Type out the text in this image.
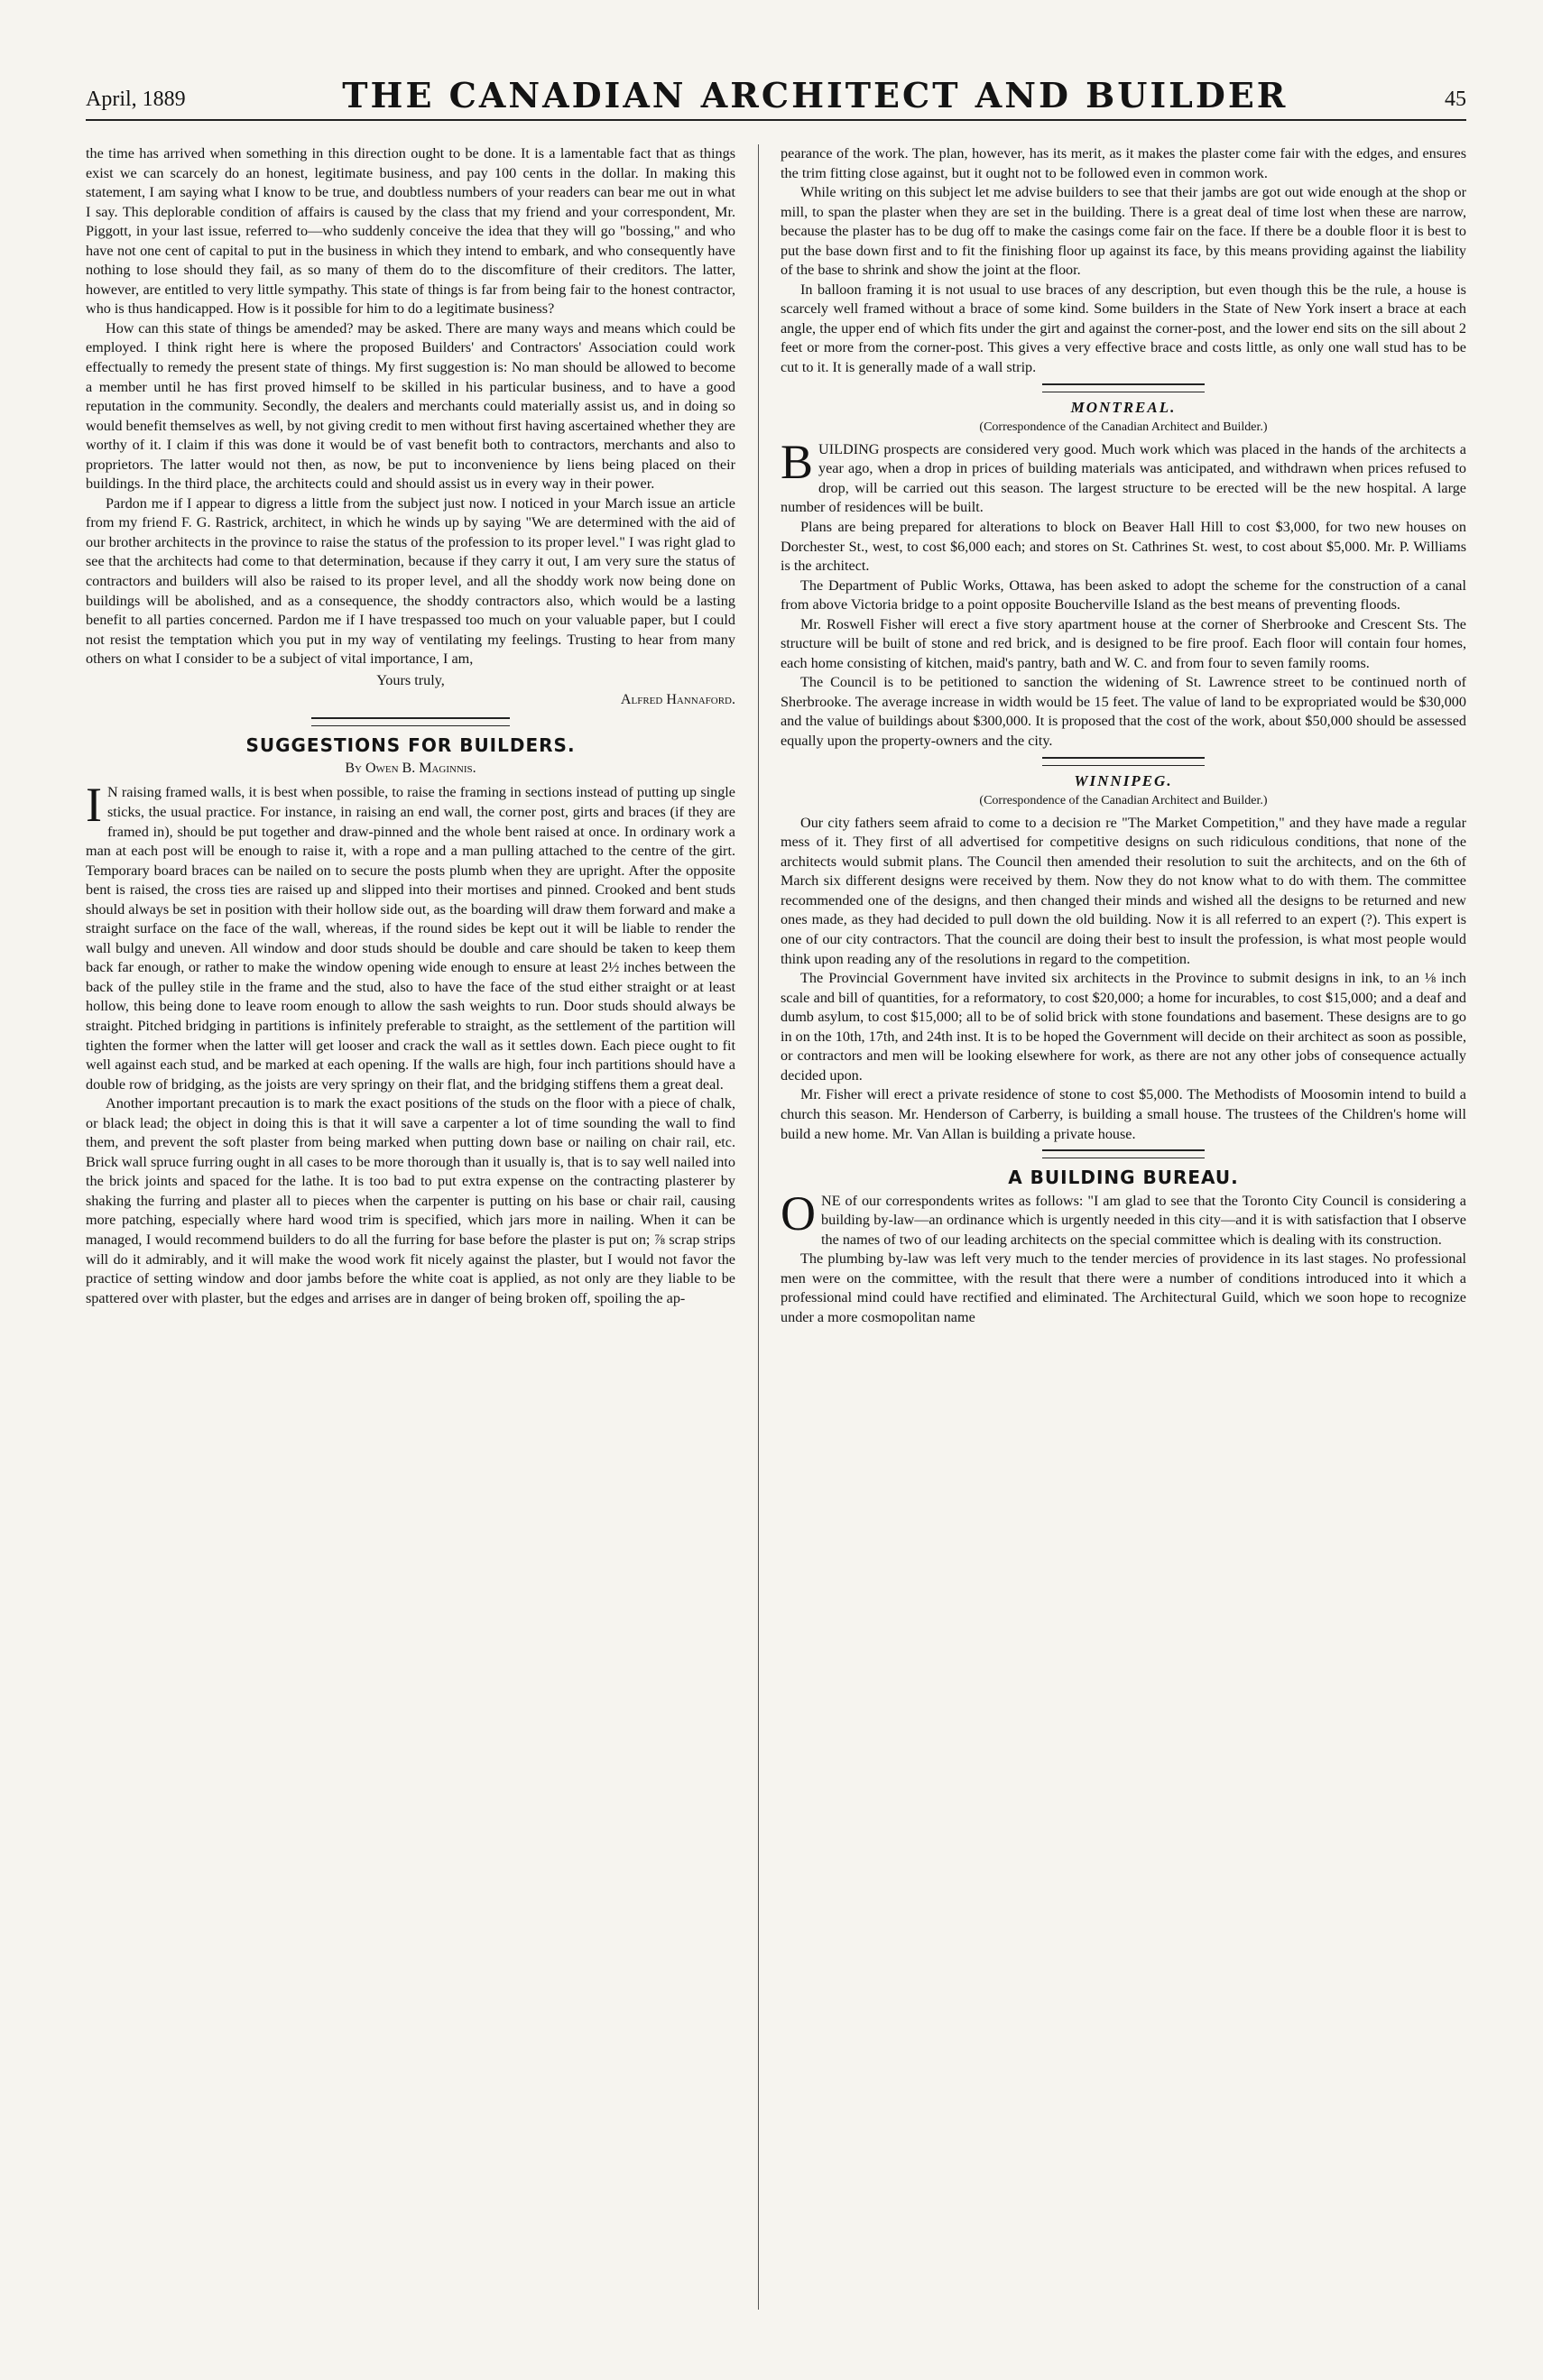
April, 1889	THE CANADIAN ARCHITECT AND BUILDER	45

the time has arrived when something in this direction ought to be done. It is a lamentable fact that as things exist we can scarcely do an honest, legitimate business, and pay 100 cents in the dollar. In making this statement, I am saying what I know to be true, and doubtless numbers of your readers can bear me out in what I say. This deplorable condition of affairs is caused by the class that my friend and your correspondent, Mr. Piggott, in your last issue, referred to—who suddenly conceive the idea that they will go "bossing," and who have not one cent of capital to put in the business in which they intend to embark, and who consequently have nothing to lose should they fail, as so many of them do to the discomfiture of their creditors. The latter, however, are entitled to very little sympathy. This state of things is far from being fair to the honest contractor, who is thus handicapped. How is it possible for him to do a legitimate business?

How can this state of things be amended? may be asked. There are many ways and means which could be employed. I think right here is where the proposed Builders' and Contractors' Association could work effectually to remedy the present state of things. My first suggestion is: No man should be allowed to become a member until he has first proved himself to be skilled in his particular business, and to have a good reputation in the community. Secondly, the dealers and merchants could materially assist us, and in doing so would benefit themselves as well, by not giving credit to men without first having ascertained whether they are worthy of it. I claim if this was done it would be of vast benefit both to contractors, merchants and also to proprietors. The latter would not then, as now, be put to inconvenience by liens being placed on their buildings. In the third place, the architects could and should assist us in every way in their power.

Pardon me if I appear to digress a little from the subject just now. I noticed in your March issue an article from my friend F. G. Rastrick, architect, in which he winds up by saying "We are determined with the aid of our brother architects in the province to raise the status of the profession to its proper level." I was right glad to see that the architects had come to that determination, because if they carry it out, I am very sure the status of contractors and builders will also be raised to its proper level, and all the shoddy work now being done on buildings will be abolished, and as a consequence, the shoddy contractors also, which would be a lasting benefit to all parties concerned. Pardon me if I have trespassed too much on your valuable paper, but I could not resist the temptation which you put in my way of ventilating my feelings. Trusting to hear from many others on what I consider to be a subject of vital importance, I am,

Yours truly,
Alfred Hannaford.
SUGGESTIONS FOR BUILDERS.
By Owen B. Maginnis.

I N raising framed walls, it is best when possible, to raise the framing in sections instead of putting up single sticks, the usual practice. For instance, in raising an end wall, the corner post, girts and braces (if they are framed in), should be put together and draw-pinned and the whole bent raised at once. In ordinary work a man at each post will be enough to raise it, with a rope and a man pulling attached to the centre of the girt. Temporary board braces can be nailed on to secure the posts plumb when they are upright. After the opposite bent is raised, the cross ties are raised up and slipped into their mortises and pinned. Crooked and bent studs should always be set in position with their hollow side out, as the boarding will draw them forward and make a straight surface on the face of the wall, whereas, if the round sides be kept out it will be liable to render the wall bulgy and uneven. All window and door studs should be double and care should be taken to keep them back far enough, or rather to make the window opening wide enough to ensure at least 2½ inches between the back of the pulley stile in the frame and the stud, also to have the face of the stud either straight or at least hollow, this being done to leave room enough to allow the sash weights to run. Door studs should always be straight. Pitched bridging in partitions is infinitely preferable to straight, as the settlement of the partition will tighten the former when the latter will get looser and crack the wall as it settles down. Each piece ought to fit well against each stud, and be marked at each opening. If the walls are high, four inch partitions should have a double row of bridging, as the joists are very springy on their flat, and the bridging stiffens them a great deal.

Another important precaution is to mark the exact positions of the studs on the floor with a piece of chalk, or black lead; the object in doing this is that it will save a carpenter a lot of time sounding the wall to find them, and prevent the soft plaster from being marked when putting down base or nailing on chair rail, etc. Brick wall spruce furring ought in all cases to be more thorough than it usually is, that is to say well nailed into the brick joints and spaced for the lathe. It is too bad to put extra expense on the contracting plasterer by shaking the furring and plaster all to pieces when the carpenter is putting on his base or chair rail, causing more patching, especially where hard wood trim is specified, which jars more in nailing. When it can be managed, I would recommend builders to do all the furring for base before the plaster is put on; ⅞ scrap strips will do it admirably, and it will make the wood work fit nicely against the plaster, but I would not favor the practice of setting window and door jambs before the white coat is applied, as not only are they liable to be spattered over with plaster, but the edges and arrises are in danger of being broken off, spoiling the ap-

pearance of the work. The plan, however, has its merit, as it makes the plaster come fair with the edges, and ensures the trim fitting close against, but it ought not to be followed even in common work.

While writing on this subject let me advise builders to see that their jambs are got out wide enough at the shop or mill, to span the plaster when they are set in the building. There is a great deal of time lost when these are narrow, because the plaster has to be dug off to make the casings come fair on the face. If there be a double floor it is best to put the base down first and to fit the finishing floor up against its face, by this means providing against the liability of the base to shrink and show the joint at the floor.

In balloon framing it is not usual to use braces of any description, but even though this be the rule, a house is scarcely well framed without a brace of some kind. Some builders in the State of New York insert a brace at each angle, the upper end of which fits under the girt and against the corner-post, and the lower end sits on the sill about 2 feet or more from the corner-post. This gives a very effective brace and costs little, as only one wall stud has to be cut to it. It is generally made of a wall strip.

MONTREAL.
(Correspondence of the Canadian Architect and Builder.)

BUILDING prospects are considered very good. Much work which was placed in the hands of the architects a year ago, when a drop in prices of building materials was anticipated, and withdrawn when prices refused to drop, will be carried out this season. The largest structure to be erected will be the new hospital. A large number of residences will be built.

Plans are being prepared for alterations to block on Beaver Hall Hill to cost $3,000, for two new houses on Dorchester St., west, to cost $6,000 each; and stores on St. Cathrines St. west, to cost about $5,000. Mr. P. Williams is the architect.

The Department of Public Works, Ottawa, has been asked to adopt the scheme for the construction of a canal from above Victoria bridge to a point opposite Boucherville Island as the best means of preventing floods.

Mr. Roswell Fisher will erect a five story apartment house at the corner of Sherbrooke and Crescent Sts. The structure will be built of stone and red brick, and is designed to be fire proof. Each floor will contain four homes, each home consisting of kitchen, maid's pantry, bath and W. C. and from four to seven family rooms.

The Council is to be petitioned to sanction the widening of St. Lawrence street to be continued north of Sherbrooke. The average increase in width would be 15 feet. The value of land to be expropriated would be $30,000 and the value of buildings about $300,000. It is proposed that the cost of the work, about $50,000 should be assessed equally upon the property-owners and the city.

WINNIPEG.
(Correspondence of the Canadian Architect and Builder.)

Our city fathers seem afraid to come to a decision re "The Market Competition," and they have made a regular mess of it. They first of all advertised for competitive designs on such ridiculous conditions, that none of the architects would submit plans. The Council then amended their resolution to suit the architects, and on the 6th of March six different designs were received by them. Now they do not know what to do with them. The committee recommended one of the designs, and then changed their minds and wished all the designs to be returned and new ones made, as they had decided to pull down the old building. Now it is all referred to an expert (?). This expert is one of our city contractors. That the council are doing their best to insult the profession, is what most people would think upon reading any of the resolutions in regard to the competition.

The Provincial Government have invited six architects in the Province to submit designs in ink, to an ⅛ inch scale and bill of quantities, for a reformatory, to cost $20,000; a home for incurables, to cost $15,000; and a deaf and dumb asylum, to cost $15,000; all to be of solid brick with stone foundations and basement. These designs are to go in on the 10th, 17th, and 24th inst. It is to be hoped the Government will decide on their architect as soon as possible, or contractors and men will be looking elsewhere for work, as there are not any other jobs of consequence actually decided upon.

Mr. Fisher will erect a private residence of stone to cost $5,000. The Methodists of Moosomin intend to build a church this season. Mr. Henderson of Carberry, is building a small house. The trustees of the Children's home will build a new home. Mr. Van Allan is building a private house.

A BUILDING BUREAU.

ONE of our correspondents writes as follows: "I am glad to see that the Toronto City Council is considering a building by-law—an ordinance which is urgently needed in this city—and it is with satisfaction that I observe the names of two of our leading architects on the special committee which is dealing with its construction.

The plumbing by-law was left very much to the tender mercies of providence in its last stages. No professional men were on the committee, with the result that there were a number of conditions introduced into it which a professional mind could have rectified and eliminated. The Architectural Guild, which we soon hope to recognize under a more cosmopolitan name
